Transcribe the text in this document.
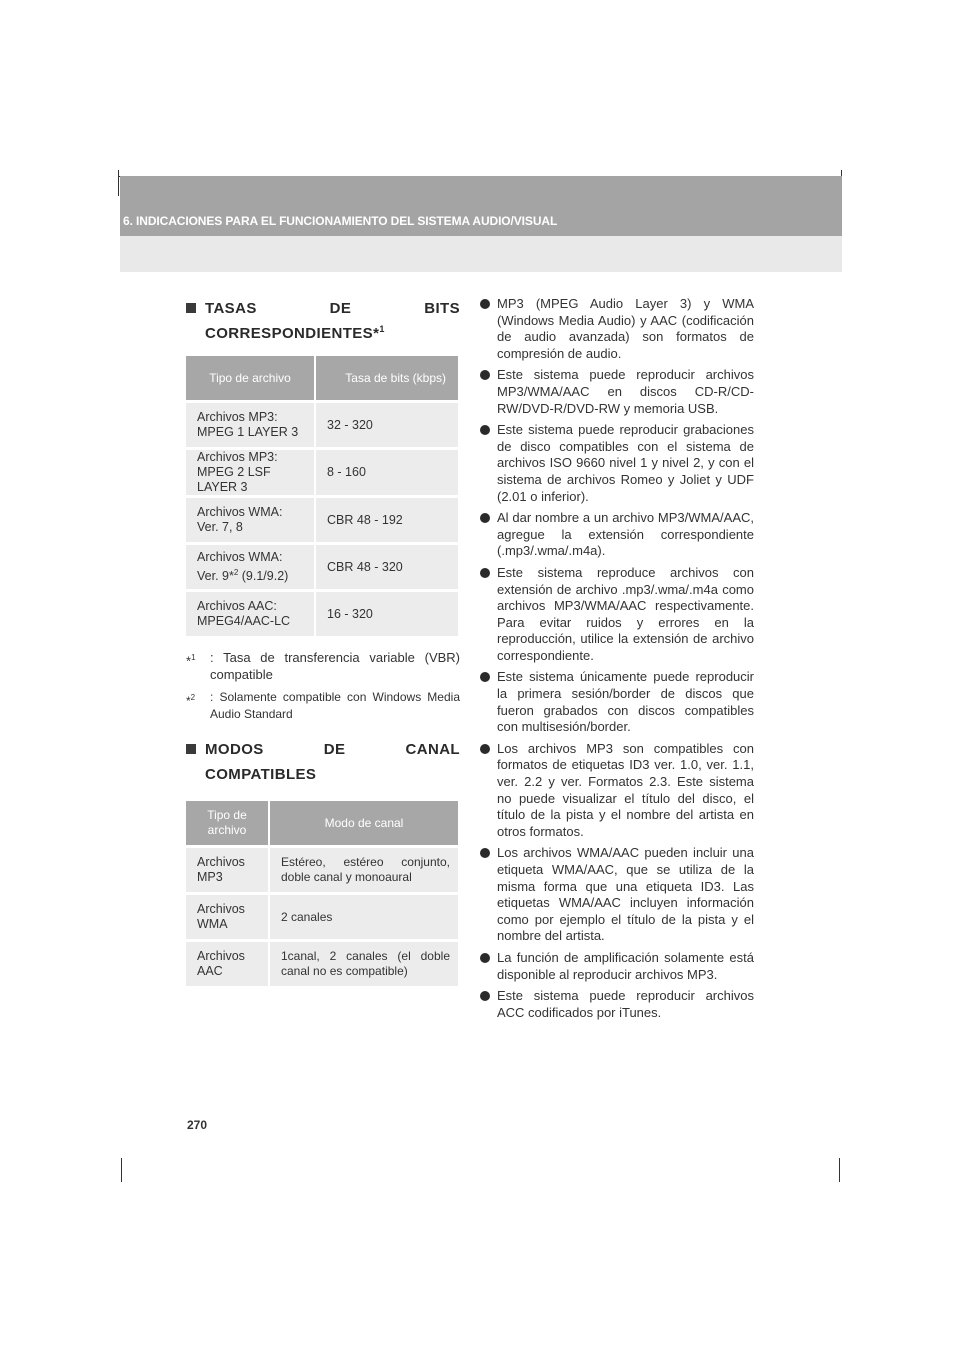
6. INDICACIONES PARA EL FUNCIONAMIENTO DEL SISTEMA AUDIO/VISUAL
TASAS DE BITS
CORRESPONDIENTES*$^1$
Tipo de archivo	Tasa de bits (kbps)
Archivos MP3:
MPEG 1 LAYER 3	32 - 320
Archivos MP3:
MPEG 2 LSF LAYER 3	8 - 160
Archivos WMA:
Ver. 7, 8	CBR 48 - 192
Archivos WMA:
Ver. 9*$^2$ (9.1/9.2)	CBR 48 - 320
Archivos AAC:
MPEG4/AAC-LC	16 - 320
*$^1$ : Tasa de transferencia variable (VBR) compatible
*$^2$ : Solamente compatible con Windows Media Audio Standard
MODOS DE CANAL
COMPATIBLES
Tipo de archivo	Modo de canal
Archivos
MP3	Estéreo, estéreo conjunto, doble canal y monoaural
Archivos
WMA	2 canales
Archivos
AAC	1canal, 2 canales (el doble canal no es compatible)
MP3 (MPEG Audio Layer 3) y WMA (Windows Media Audio) y AAC (codificación de audio avanzada) son formatos de compresión de audio.
Este sistema puede reproducir archivos MP3/WMA/AAC en discos CD-R/CD-RW/DVD-R/DVD-RW y memoria USB.
Este sistema puede reproducir grabaciones de disco compatibles con el sistema de archivos ISO 9660 nivel 1 y nivel 2, y con el sistema de archivos Romeo y Joliet y UDF (2.01 o inferior).
Al dar nombre a un archivo MP3/WMA/AAC, agregue la extensión correspondiente (.mp3/.wma/.m4a).
Este sistema reproduce archivos con extensión de archivo .mp3/.wma/.m4a como archivos MP3/WMA/AAC respectivamente. Para evitar ruidos y errores en la reproducción, utilice la extensión de archivo correspondiente.
Este sistema únicamente puede reproducir la primera sesión/border de discos que fueron grabados con discos compatibles con multisesión/border.
Los archivos MP3 son compatibles con formatos de etiquetas ID3 ver. 1.0, ver. 1.1, ver. 2.2 y ver. Formatos 2.3. Este sistema no puede visualizar el título del disco, el título de la pista y el nombre del artista en otros formatos.
Los archivos WMA/AAC pueden incluir una etiqueta WMA/AAC, que se utiliza de la misma forma que una etiqueta ID3. Las etiquetas WMA/AAC incluyen información como por ejemplo el título de la pista y el nombre del artista.
La función de amplificación solamente está disponible al reproducir archivos MP3.
Este sistema puede reproducir archivos ACC codificados por iTunes.
270
